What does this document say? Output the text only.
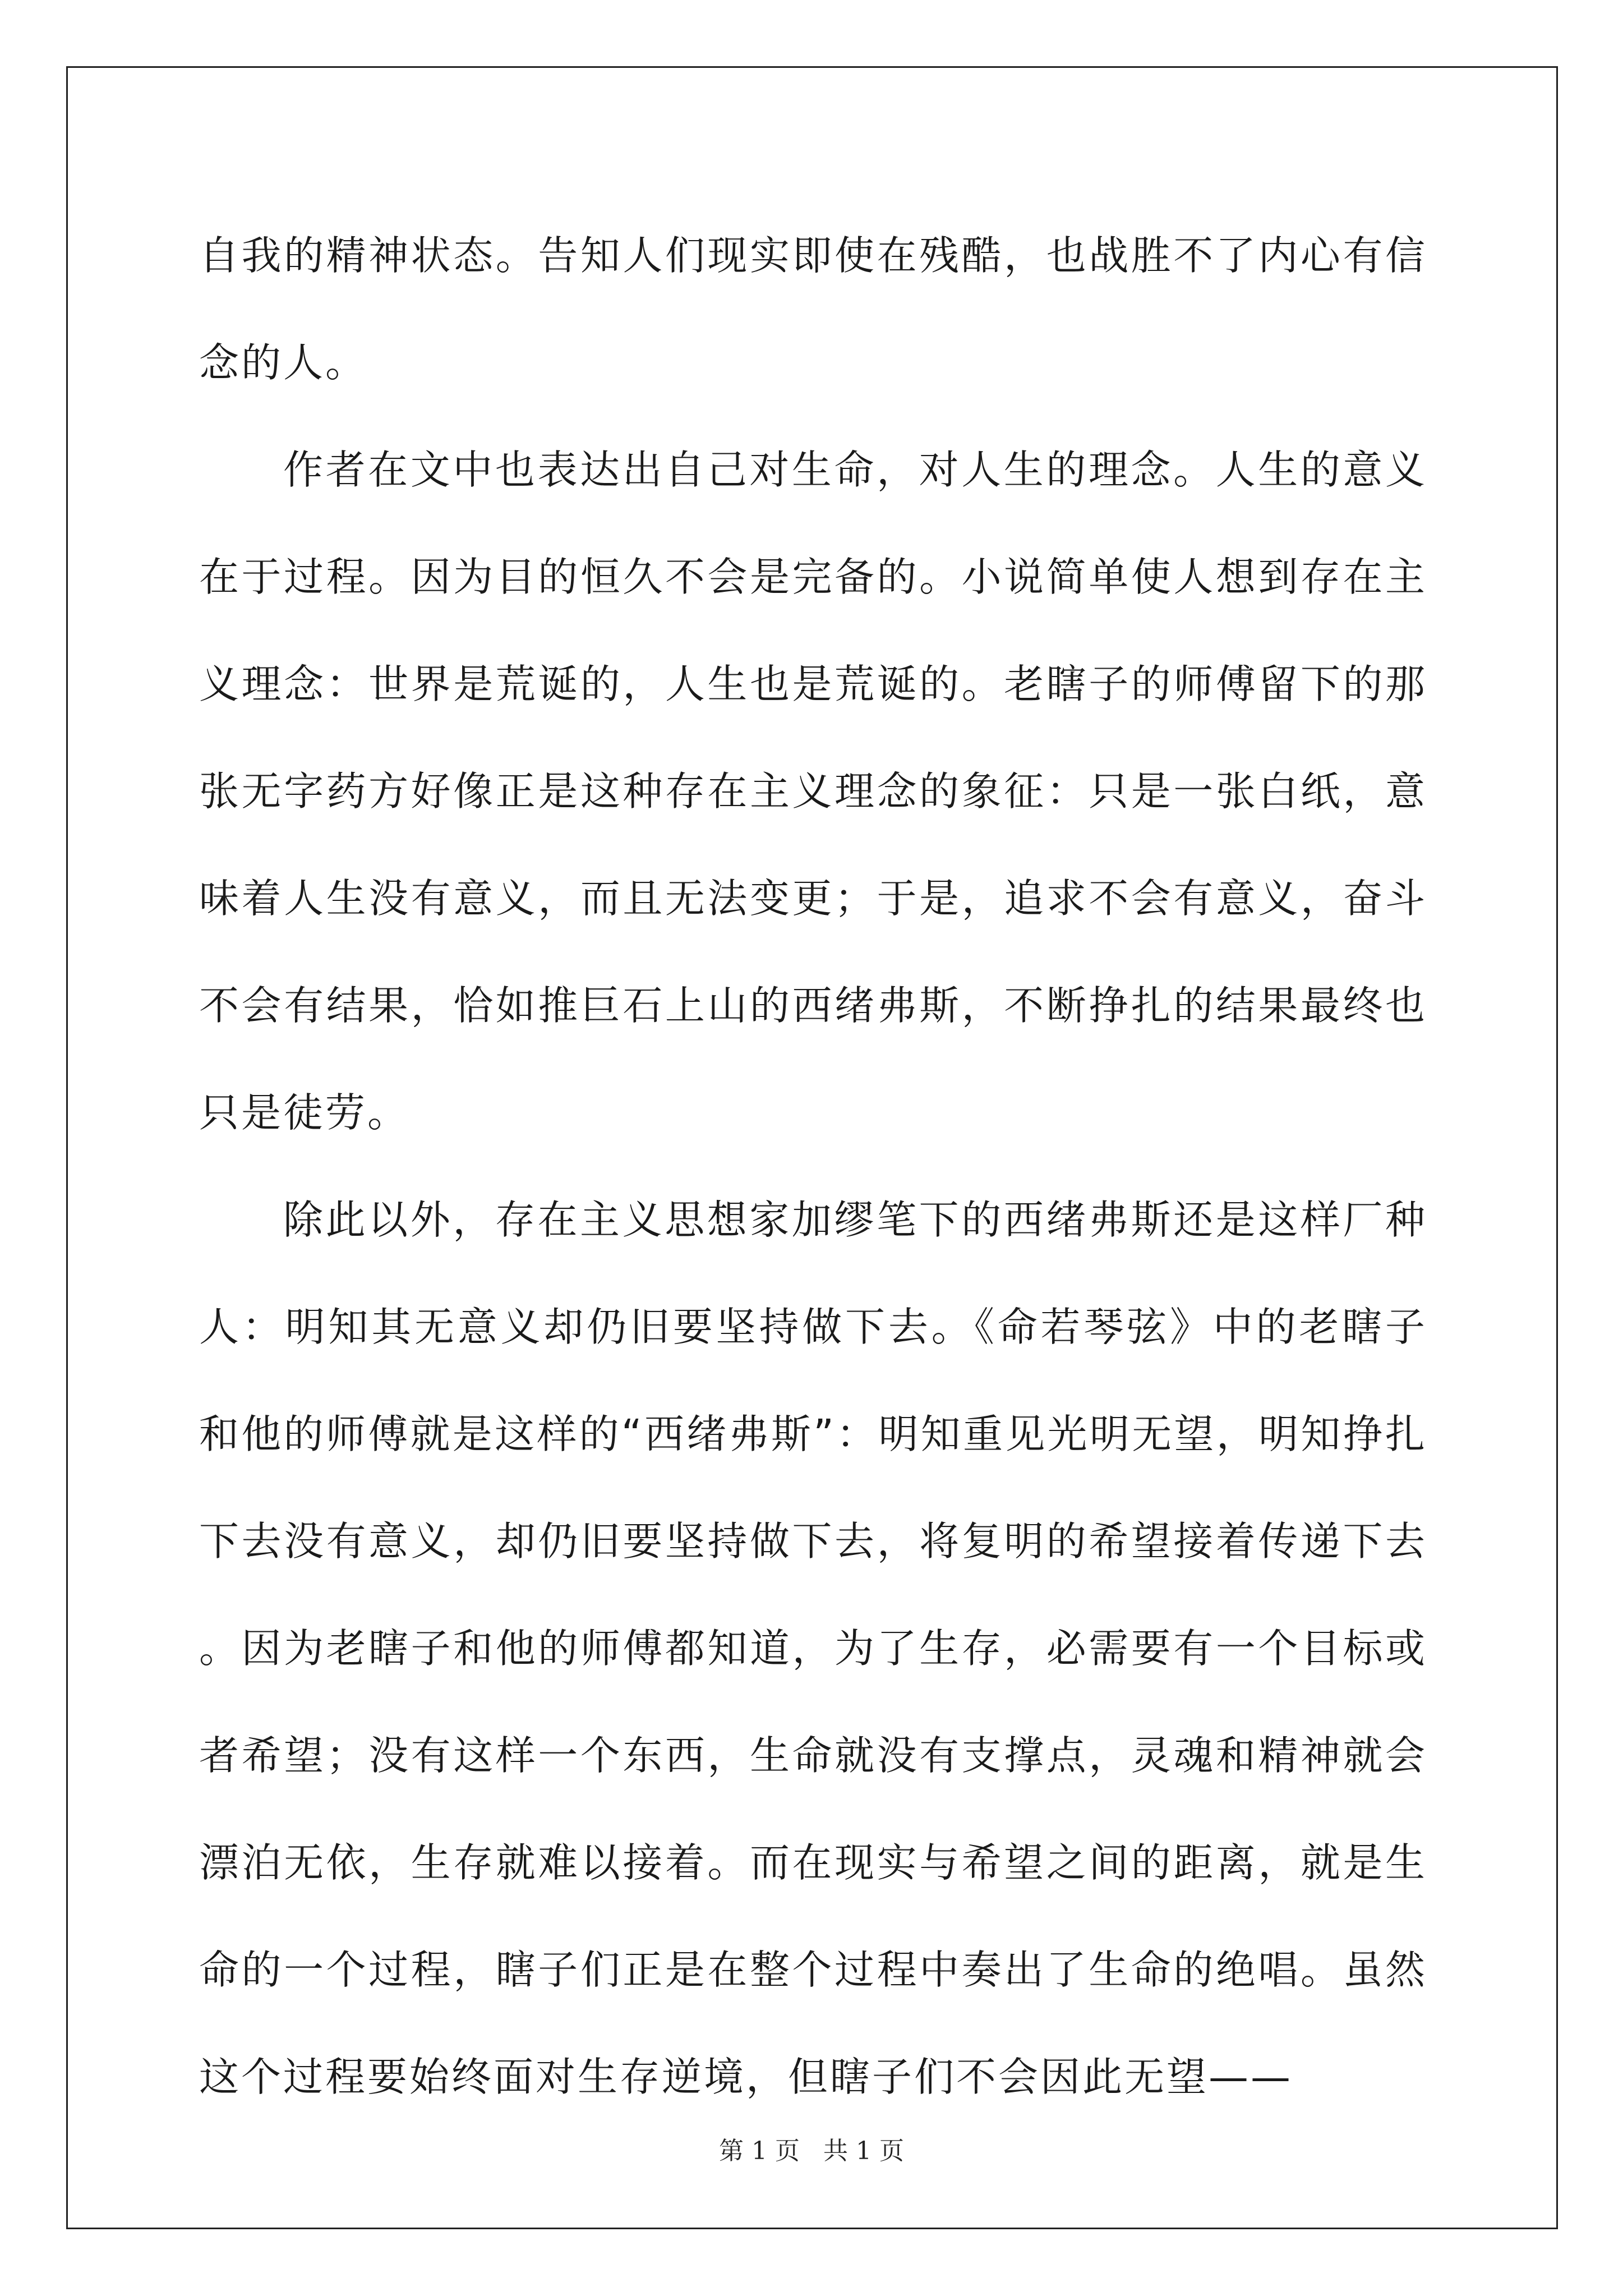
自我的精神状态。告知人们现实即使在残酷，也战胜不了内心有信念的人。

作者在文中也表达出自己对生命，对人生的理念。人生的意义在于过程。因为目的恒久不会是完备的。小说简单使人想到存在主义理念：世界是荒诞的，人生也是荒诞的。老瞎子的师傅留下的那张无字药方好像正是这种存在主义理念的象征：只是一张白纸，意味着人生没有意义，而且无法变更；于是，追求不会有意义，奋斗不会有结果，恰如推巨石上山的西绪弗斯，不断挣扎的结果最终也只是徒劳。

除此以外，存在主义思想家加缪笔下的西绪弗斯还是这样厂种人：明知其无意义却仍旧要坚持做下去。《命若琴弦》中的老瞎子和他的师傅就是这样的“西绪弗斯”：明知重见光明无望，明知挣扎下去没有意义，却仍旧要坚持做下去，将复明的希望接着传递下去。因为老瞎子和他的师傅都知道，为了生存，必需要有一个目标或者希望；没有这样一个东西，生命就没有支撑点，灵魂和精神就会漂泊无依，生存就难以接着。而在现实与希望之间的距离，就是生命的一个过程，瞎子们正是在整个过程中奏出了生命的绝唱。虽然这个过程要始终面对生存逆境，但瞎子们不会因此无望——

第 1 页   共 1 页
